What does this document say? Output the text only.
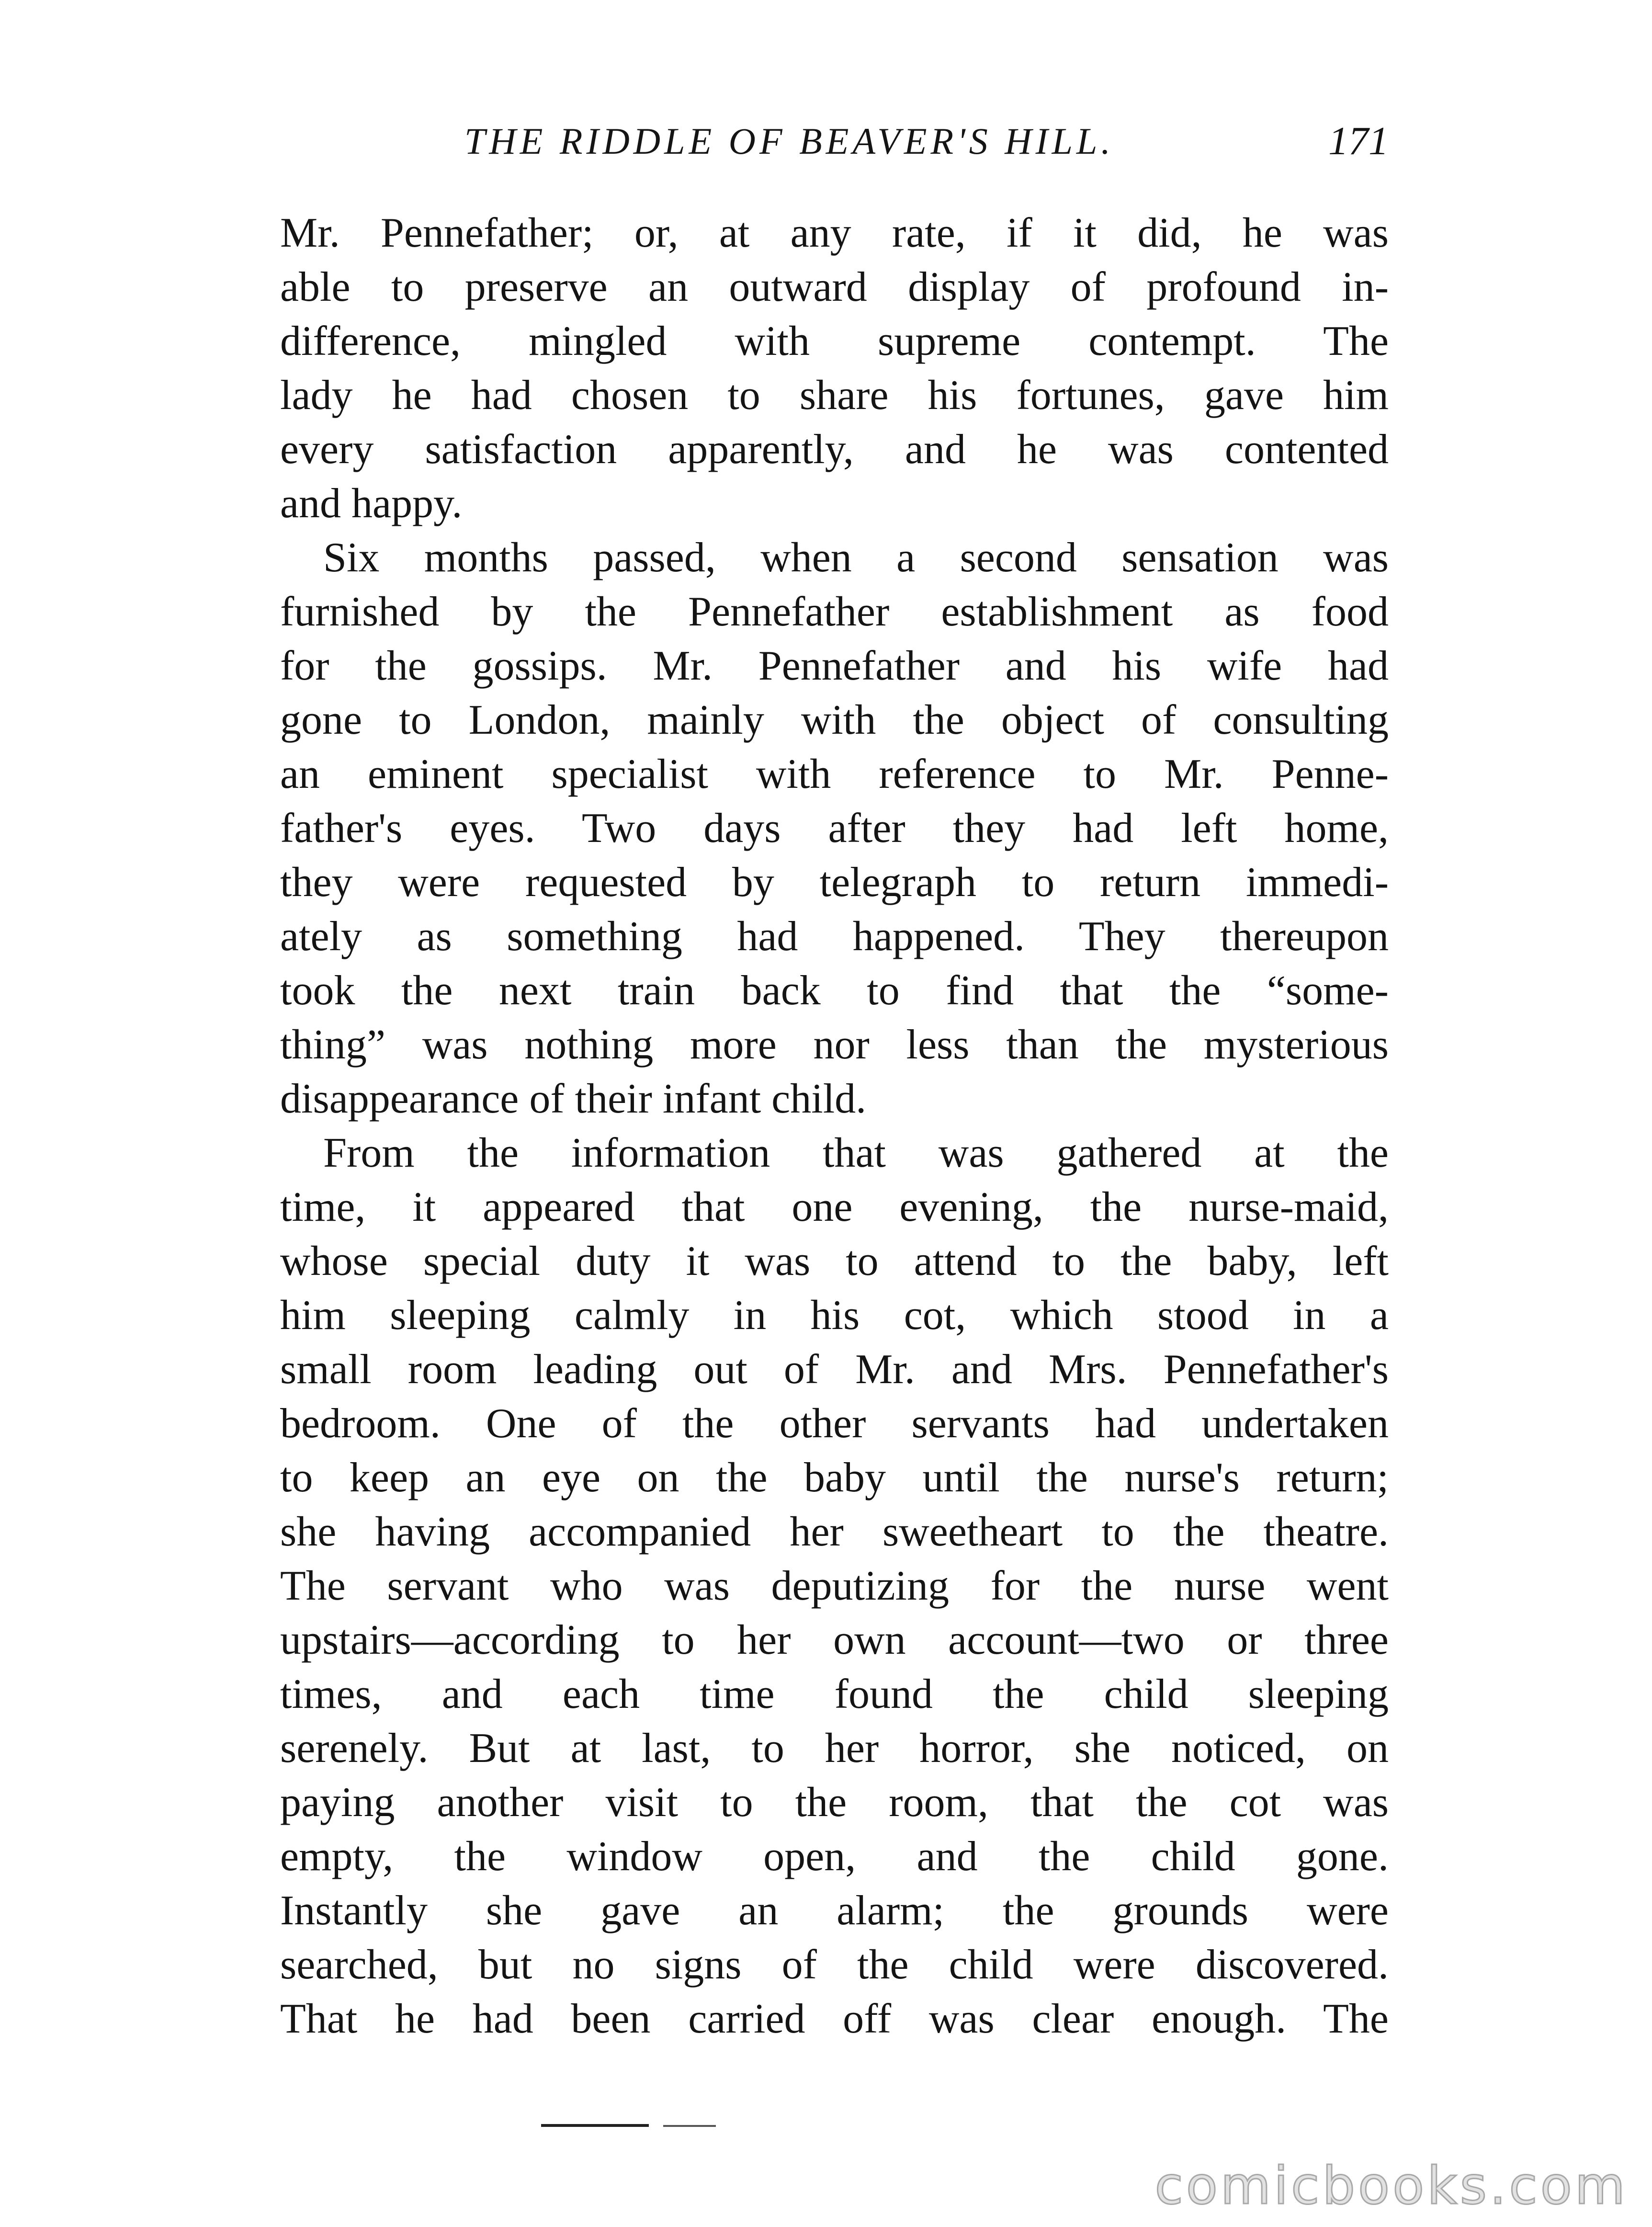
THE RIDDLE OF BEAVER'S HILL.	171
Mr. Pennefather; or, at any rate, if it did, he was
able to preserve an outward display of profound in-
difference, mingled with supreme contempt. The
lady he had chosen to share his fortunes, gave him
every satisfaction apparently, and he was contented
and happy.
Six months passed, when a second sensation was
furnished by the Pennefather establishment as food
for the gossips. Mr. Pennefather and his wife had
gone to London, mainly with the object of consulting
an eminent specialist with reference to Mr. Penne-
father's eyes. Two days after they had left home,
they were requested by telegraph to return immedi-
ately as something had happened. They thereupon
took the next train back to find that the “some-
thing” was nothing more nor less than the mysterious
disappearance of their infant child.
From the information that was gathered at the
time, it appeared that one evening, the nurse-maid,
whose special duty it was to attend to the baby, left
him sleeping calmly in his cot, which stood in a
small room leading out of Mr. and Mrs. Pennefather's
bedroom. One of the other servants had undertaken
to keep an eye on the baby until the nurse's return;
she having accompanied her sweetheart to the theatre.
The servant who was deputizing for the nurse went
upstairs—according to her own account—two or three
times, and each time found the child sleeping
serenely. But at last, to her horror, she noticed, on
paying another visit to the room, that the cot was
empty, the window open, and the child gone.
Instantly she gave an alarm; the grounds were
searched, but no signs of the child were discovered.
That he had been carried off was clear enough. The
comicbooks.com
